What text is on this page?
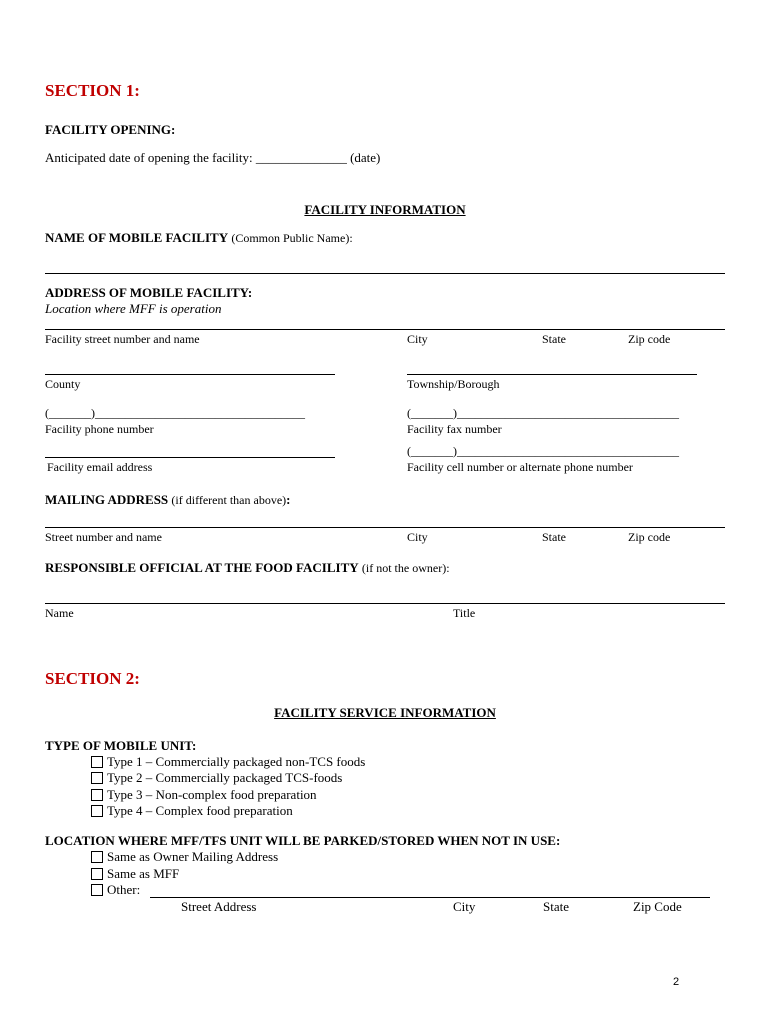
SECTION 1:
FACILITY OPENING:
Anticipated date of opening the facility: ______________ (date)
FACILITY INFORMATION
NAME OF MOBILE FACILITY (Common Public Name):
ADDRESS OF MOBILE FACILITY:
Location where MFF is operation
Facility street number and name	City	State	Zip code
County	Township/Borough
(_______)___________________________________	(_______)_____________________________________
Facility phone number	Facility fax number
(_______)_____________________________________
Facility email address	Facility cell number or alternate phone number
MAILING ADDRESS (if different than above):
Street number and name	City	State	Zip code
RESPONSIBLE OFFICIAL AT THE FOOD FACILITY (if not the owner):
Name	Title
SECTION 2:
FACILITY SERVICE INFORMATION
TYPE OF MOBILE UNIT:
Type 1 – Commercially packaged non-TCS foods
Type 2 – Commercially packaged TCS-foods
Type 3 – Non-complex food preparation
Type 4 – Complex food preparation
LOCATION WHERE MFF/TFS UNIT WILL BE PARKED/STORED WHEN NOT IN USE:
Same as Owner Mailing Address
Same as MFF
Other:
Street Address	City	State	Zip Code
2
